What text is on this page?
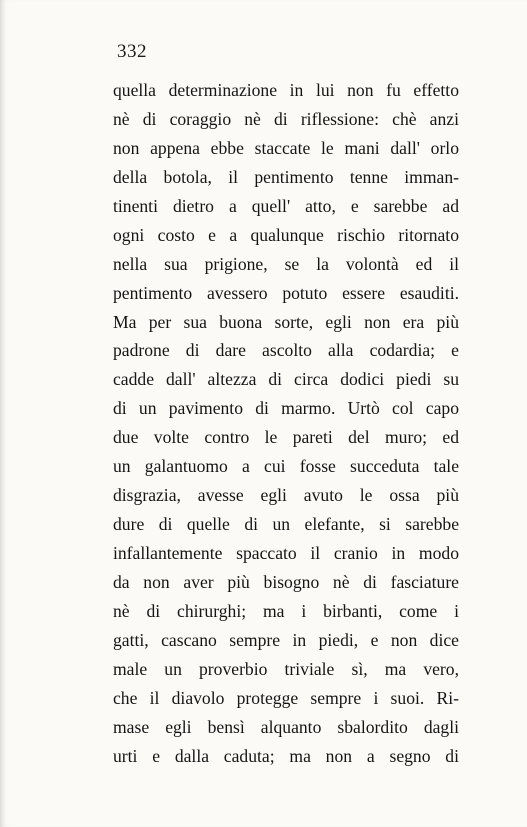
332
quella determinazione in lui non fu effetto
nè di coraggio nè di riflessione: chè anzi
non appena ebbe staccate le mani dall' orlo
della botola, il pentimento tenne imman-
tinenti dietro a quell' atto, e sarebbe ad
ogni costo e a qualunque rischio ritornato
nella sua prigione, se la volontà ed il
pentimento avessero potuto essere esauditi.
Ma per sua buona sorte, egli non era più
padrone di dare ascolto alla codardia; e
cadde dall' altezza di circa dodici piedi su
di un pavimento di marmo. Urtò col capo
due volte contro le pareti del muro; ed
un galantuomo a cui fosse succeduta tale
disgrazia, avesse egli avuto le ossa più
dure di quelle di un elefante, si sarebbe
infallantemente spaccato il cranio in modo
da non aver più bisogno nè di fasciature
nè di chirurghi; ma i birbanti, come i
gatti, cascano sempre in piedi, e non dice
male un proverbio triviale sì, ma vero,
che il diavolo protegge sempre i suoi. Ri-
mase egli bensì alquanto sbalordito dagli
urti e dalla caduta; ma non a segno di
